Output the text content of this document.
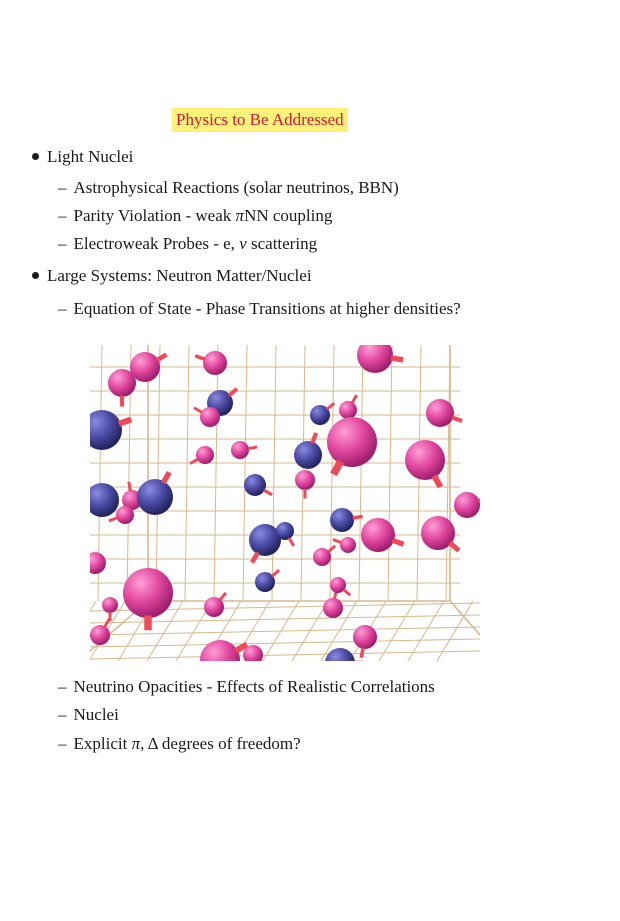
Physics to Be Addressed
Light Nuclei
– Astrophysical Reactions (solar neutrinos, BBN)
– Parity Violation - weak πNN coupling
– Electroweak Probes - e, ν scattering
Large Systems: Neutron Matter/Nuclei
– Equation of State - Phase Transitions at higher densities?
– Neutrino Opacities - Effects of Realistic Correlations
– Nuclei
– Explicit π, Δ degrees of freedom?
